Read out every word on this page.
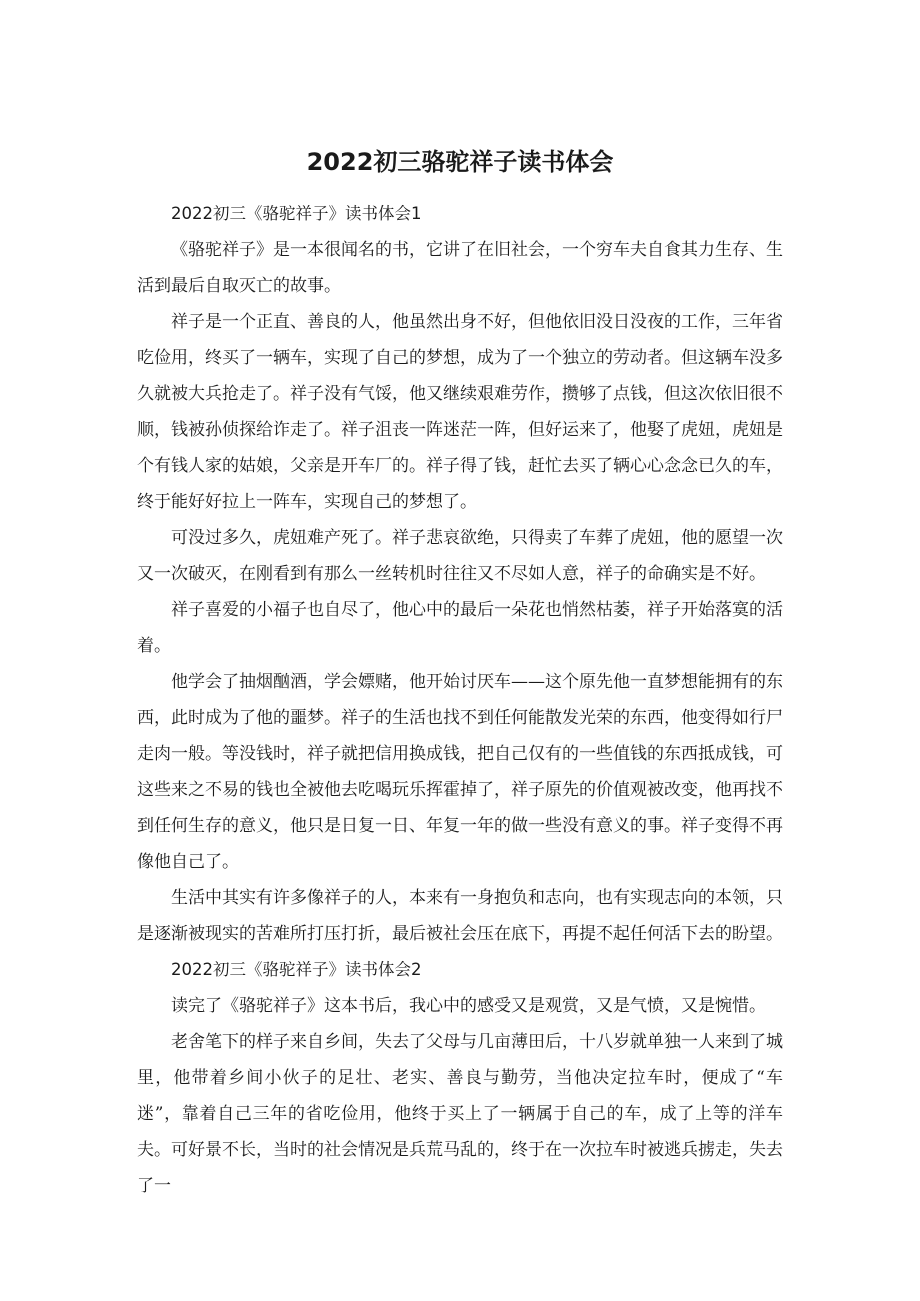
2022初三骆驼祥子读书体会

2022初三《骆驼祥子》读书体会1

《骆驼祥子》是一本很闻名的书，它讲了在旧社会，一个穷车夫自食其力生存、生活到最后自取灭亡的故事。

祥子是一个正直、善良的人，他虽然出身不好，但他依旧没日没夜的工作，三年省吃俭用，终买了一辆车，实现了自己的梦想，成为了一个独立的劳动者。但这辆车没多久就被大兵抢走了。祥子没有气馁，他又继续艰难劳作，攒够了点钱，但这次依旧很不顺，钱被孙侦探给诈走了。祥子沮丧一阵迷茫一阵，但好运来了，他娶了虎妞，虎妞是个有钱人家的姑娘，父亲是开车厂的。祥子得了钱，赶忙去买了辆心心念念已久的车，终于能好好拉上一阵车，实现自己的梦想了。

可没过多久，虎妞难产死了。祥子悲哀欲绝，只得卖了车葬了虎妞，他的愿望一次又一次破灭，在刚看到有那么一丝转机时往往又不尽如人意，祥子的命确实是不好。

祥子喜爱的小福子也自尽了，他心中的最后一朵花也悄然枯萎，祥子开始落寞的活着。

他学会了抽烟酗酒，学会嫖赌，他开始讨厌车——这个原先他一直梦想能拥有的东西，此时成为了他的噩梦。祥子的生活也找不到任何能散发光荣的东西，他变得如行尸走肉一般。等没钱时，祥子就把信用换成钱，把自己仅有的一些值钱的东西抵成钱，可这些来之不易的钱也全被他去吃喝玩乐挥霍掉了，祥子原先的价值观被改变，他再找不到任何生存的意义，他只是日复一日、年复一年的做一些没有意义的事。祥子变得不再像他自己了。

生活中其实有许多像祥子的人，本来有一身抱负和志向，也有实现志向的本领，只是逐渐被现实的苦难所打压打折，最后被社会压在底下，再提不起任何活下去的盼望。

2022初三《骆驼祥子》读书体会2

读完了《骆驼祥子》这本书后，我心中的感受又是观赏，又是气愤，又是惋惜。

老舍笔下的样子来自乡间，失去了父母与几亩薄田后，十八岁就单独一人来到了城里，他带着乡间小伙子的足壮、老实、善良与勤劳，当他决定拉车时，便成了“车迷”，靠着自己三年的省吃俭用，他终于买上了一辆属于自己的车，成了上等的洋车夫。可好景不长，当时的社会情况是兵荒马乱的，终于在一次拉车时被逃兵掳走，失去了一
